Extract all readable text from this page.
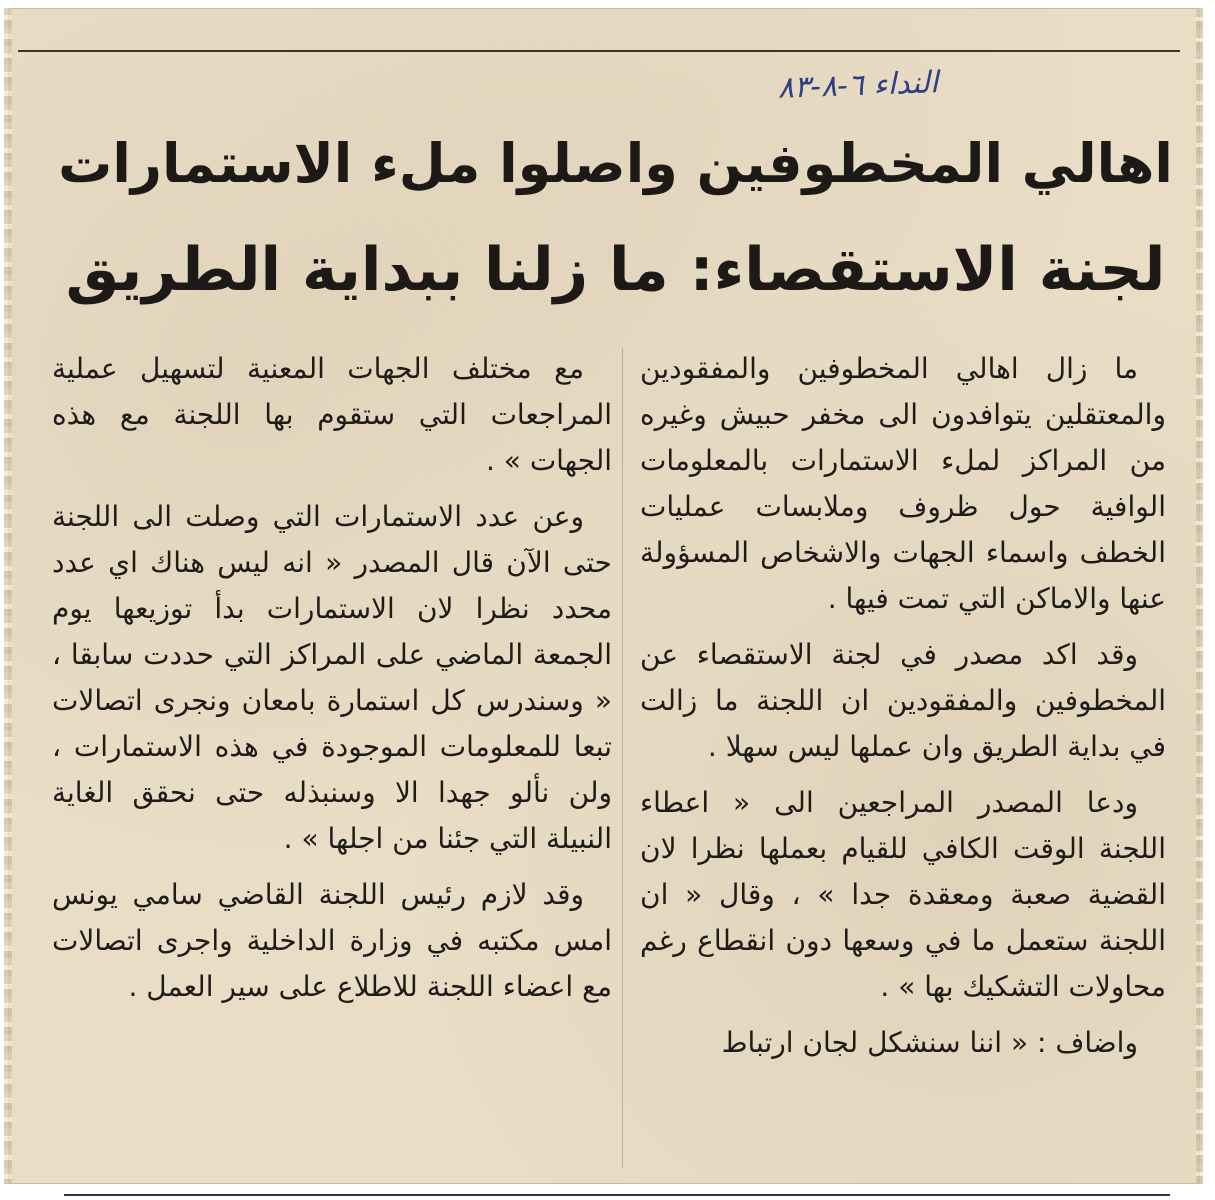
النداء ٦-٨-٨٣
اهالي المخطوفين واصلوا ملء الاستمارات
لجنة الاستقصاء: ما زلنا ببداية الطريق

ما زال اهالي المخطوفين والمفقودين والمعتقلين يتوافدون الى مخفر حبيش وغيره من المراكز لملء الاستمارات بالمعلومات الوافية حول ظروف وملابسات عمليات الخطف واسماء الجهات والاشخاص المسؤولة عنها والاماكن التي تمت فيها .

وقد اكد مصدر في لجنة الاستقصاء عن المخطوفين والمفقودين ان اللجنة ما زالت في بداية الطريق وان عملها ليس سهلا .

ودعا المصدر المراجعين الى « اعطاء اللجنة الوقت الكافي للقيام بعملها نظرا لان القضية صعبة ومعقدة جدا » ، وقال « ان اللجنة ستعمل ما في وسعها دون انقطاع رغم محاولات التشكيك بها » .

واضاف : « اننا سنشكل لجان ارتباط

مع مختلف الجهات المعنية لتسهيل عملية المراجعات التي ستقوم بها اللجنة مع هذه الجهات » .

وعن عدد الاستمارات التي وصلت الى اللجنة حتى الآن قال المصدر « انه ليس هناك اي عدد محدد نظرا لان الاستمارات بدأ توزيعها يوم الجمعة الماضي على المراكز التي حددت سابقا ، « وسندرس كل استمارة بامعان ونجرى اتصالات تبعا للمعلومات الموجودة في هذه الاستمارات ، ولن نألو جهدا الا وسنبذله حتى نحقق الغاية النبيلة التي جئنا من اجلها » .

وقد لازم رئيس اللجنة القاضي سامي يونس امس مكتبه في وزارة الداخلية واجرى اتصالات مع اعضاء اللجنة للاطلاع على سير العمل .
